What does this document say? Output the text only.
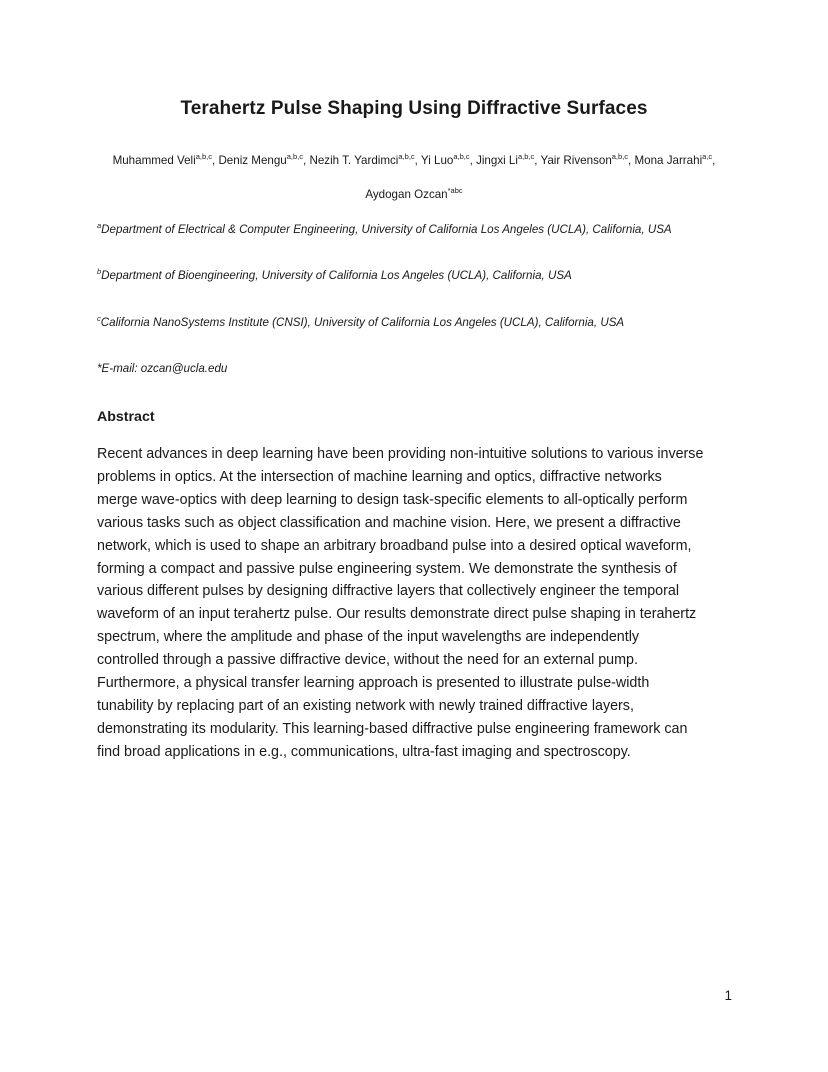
Terahertz Pulse Shaping Using Diffractive Surfaces
Muhammed Veli$^{a,b,c}$, Deniz Mengu$^{a,b,c}$, Nezih T. Yardimci$^{a,b,c}$, Yi Luo$^{a,b,c}$, Jingxi Li$^{a,b,c}$, Yair Rivenson$^{a,b,c}$, Mona Jarrahi$^{a,c}$,
Aydogan Ozcan$^{*abc}$
$^a$Department of Electrical & Computer Engineering, University of California Los Angeles (UCLA), California, USA
$^b$Department of Bioengineering, University of California Los Angeles (UCLA), California, USA
$^c$California NanoSystems Institute (CNSI), University of California Los Angeles (UCLA), California, USA
*E-mail: ozcan@ucla.edu
Abstract
Recent advances in deep learning have been providing non-intuitive solutions to various inverse
problems in optics. At the intersection of machine learning and optics, diffractive networks
merge wave-optics with deep learning to design task-specific elements to all-optically perform
various tasks such as object classification and machine vision. Here, we present a diffractive
network, which is used to shape an arbitrary broadband pulse into a desired optical waveform,
forming a compact and passive pulse engineering system. We demonstrate the synthesis of
various different pulses by designing diffractive layers that collectively engineer the temporal
waveform of an input terahertz pulse. Our results demonstrate direct pulse shaping in terahertz
spectrum, where the amplitude and phase of the input wavelengths are independently
controlled through a passive diffractive device, without the need for an external pump.
Furthermore, a physical transfer learning approach is presented to illustrate pulse-width
tunability by replacing part of an existing network with newly trained diffractive layers,
demonstrating its modularity. This learning-based diffractive pulse engineering framework can
find broad applications in e.g., communications, ultra-fast imaging and spectroscopy.
1
